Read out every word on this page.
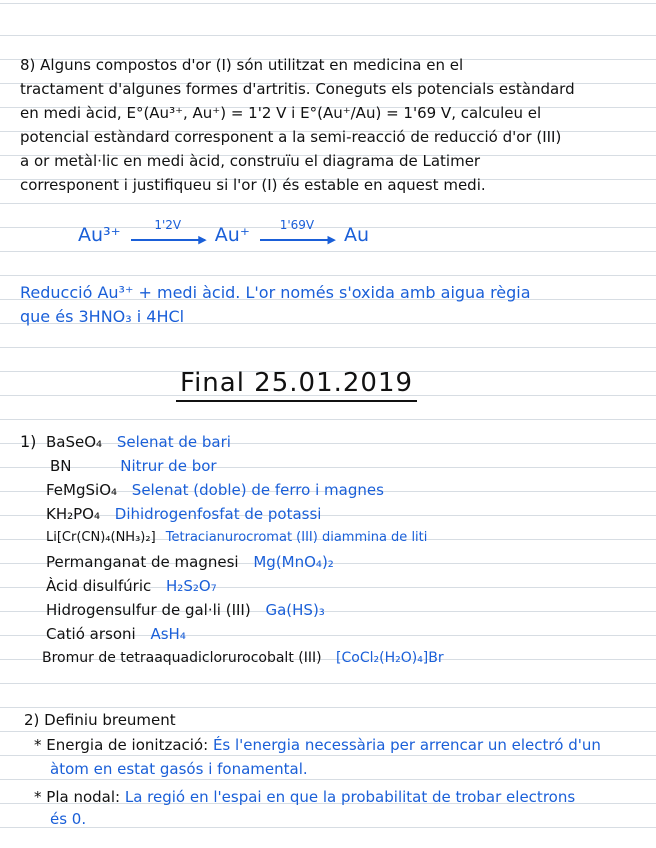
8) Alguns compostos d'or (I) són utilitzat en medicina en el
tractament d'algunes formes d'artritis. Coneguts els potencials estàndard
en medi àcid, E°(Au³⁺, Au⁺) = 1'2 V i E°(Au⁺/Au) = 1'69 V, calculeu el
potencial estàndard corresponent a la semi-reacció de reducció d'or (III)
a or metàl·lic en medi àcid, construïu el diagrama de Latimer
corresponent i justifiqueu si l'or (I) és estable en aquest medi.
Au³⁺	1'2V
▶ Au⁺	1'69V
▶ Au
Reducció Au³⁺ + medi àcid. L'or només s'oxida amb aigua règia
que és 3HNO₃ i 4HCl
Final 25.01.2019
1) BaSeO₄ Selenat de bari
BN	Nitrur de bor
FeMgSiO₄ Selenat (doble) de ferro i magnes
KH₂PO₄ Dihidrogenfosfat de potassi
Li[Cr(CN)₄(NH₃)₂] Tetracianurocromat (III) diammina de liti
Permanganat de magnesi Mg(MnO₄)₂
Àcid disulfúric H₂S₂O₇
Hidrogensulfur de gal·li (III) Ga(HS)₃
Catió arsoni AsH₄
Bromur de tetraaquadiclorurocobalt (III) [CoCl₂(H₂O)₄]Br
2) Definiu breument
* Energia de ionització: És l'energia necessària per arrencar un electró d'un
àtom en estat gasós i fonamental.
* Pla nodal: La regió en l'espai en que la probabilitat de trobar electrons
és 0.
